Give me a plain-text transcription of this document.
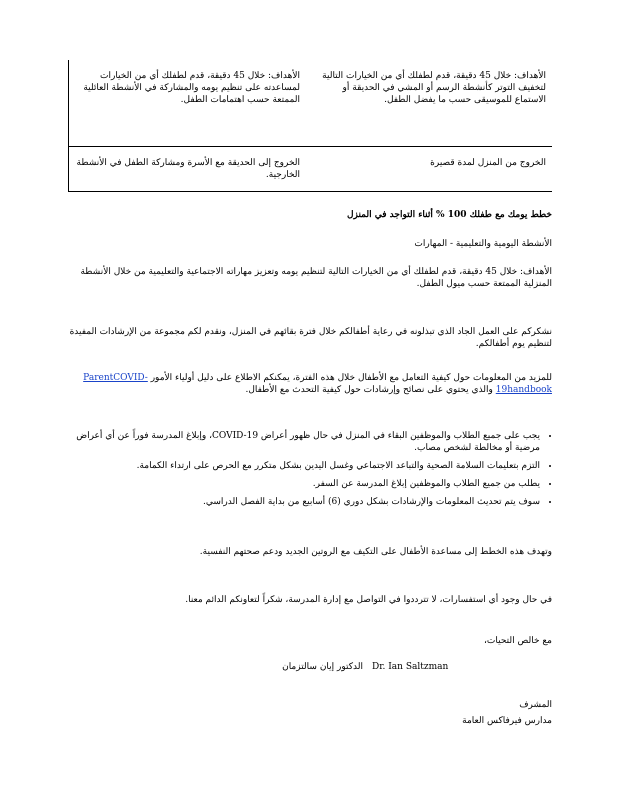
الأهداف: خلال 45 دقيقة، قدم لطفلك أي من الخيارات لمساعدته على تنظيم يومه والمشاركة في الأنشطة العائلية الممتعة حسب اهتمامات الطفل.	الأهداف: خلال 45 دقيقة، قدم لطفلك أي من الخيارات التالية لتخفيف التوتر كأنشطة الرسم أو المشي في الحديقة أو الاستماع للموسيقى حسب ما يفضل الطفل.
الخروج إلى الحديقة مع الأسرة ومشاركة الطفل في الأنشطة الخارجية.	الخروج من المنزل لمدة قصيرة
خطط يومك مع طفلك 100 % أثناء التواجد في المنزل
الأنشطة اليومية والتعليمية - المهارات
الأهداف: خلال 45 دقيقة، قدم لطفلك أي من الخيارات التالية لتنظيم يومه وتعزيز مهاراته الاجتماعية والتعليمية من خلال الأنشطة المنزلية الممتعة حسب ميول الطفل.
نشكركم على العمل الجاد الذي تبذلونه في رعاية أطفالكم خلال فترة بقائهم في المنزل، ونقدم لكم مجموعة من الإرشادات المفيدة لتنظيم يوم أطفالكم.
للمزيد من المعلومات حول كيفية التعامل مع الأطفال خلال هذه الفترة، يمكنكم الاطلاع على دليل أولياء الأمور ParentCOVID-19handbook والذي يحتوي على نصائح وإرشادات حول كيفية التحدث مع الأطفال.
• يجب على جميع الطلاب والموظفين البقاء في المنزل في حال ظهور أعراض COVID-19، وإبلاغ المدرسة فوراً عن أي أعراض مرضية أو مخالطة لشخص مصاب.
• التزم بتعليمات السلامة الصحية والتباعد الاجتماعي وغسل اليدين بشكل متكرر مع الحرص على ارتداء الكمامة.
• يطلب من جميع الطلاب والموظفين إبلاغ المدرسة عن السفر.
• سوف يتم تحديث المعلومات والإرشادات بشكل دوري (6) أسابيع من بداية الفصل الدراسي.
وتهدف هذه الخطط إلى مساعدة الأطفال على التكيف مع الروتين الجديد ودعم صحتهم النفسية.
في حال وجود أي استفسارات، لا تترددوا في التواصل مع إدارة المدرسة، شكراً لتعاونكم الدائم معنا.
مع خالص التحيات،
Dr. Ian Saltzman
الدكتور إيان سالتزمان
المشرف
مدارس فيرفاكس العامة
